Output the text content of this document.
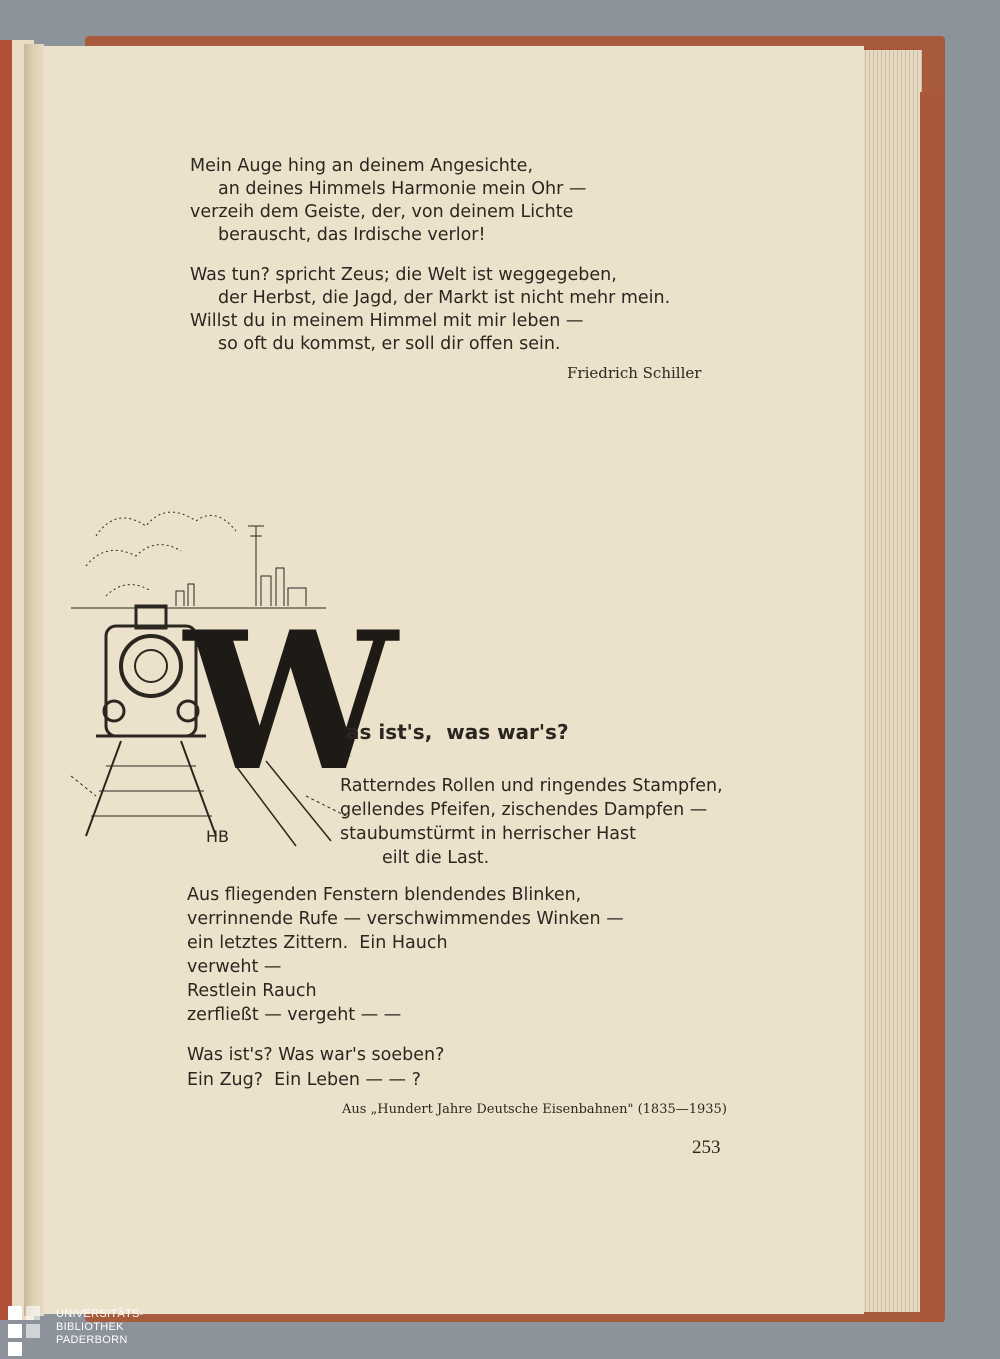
Mein Auge hing an deinem Angesichte,
an deines Himmels Harmonie mein Ohr —
verzeih dem Geiste, der, von deinem Lichte
berauscht, das Irdische verlor!
Was tun? spricht Zeus; die Welt ist weggegeben,
der Herbst, die Jagd, der Markt ist nicht mehr mein.
Willst du in meinem Himmel mit mir leben —
so oft du kommst, er soll dir offen sein.
Friedrich Schiller
W
HB
as ist's,  was war's?
Ratterndes Rollen und ringendes Stampfen,
gellendes Pfeifen, zischendes Dampfen —
staubumstürmt in herrischer Hast
eilt die Last.
Aus fliegenden Fenstern blendendes Blinken,
verrinnende Rufe — verschwimmendes Winken —
ein letztes Zittern.  Ein Hauch
verweht —
Restlein Rauch
zerfließt — vergeht — —
Was ist's? Was war's soeben?
Ein Zug?  Ein Leben — — ?
Aus „Hundert Jahre Deutsche Eisenbahnen" (1835—1935)
253
UNIVERSITÄTS-
BIBLIOTHEK
PADERBORN
